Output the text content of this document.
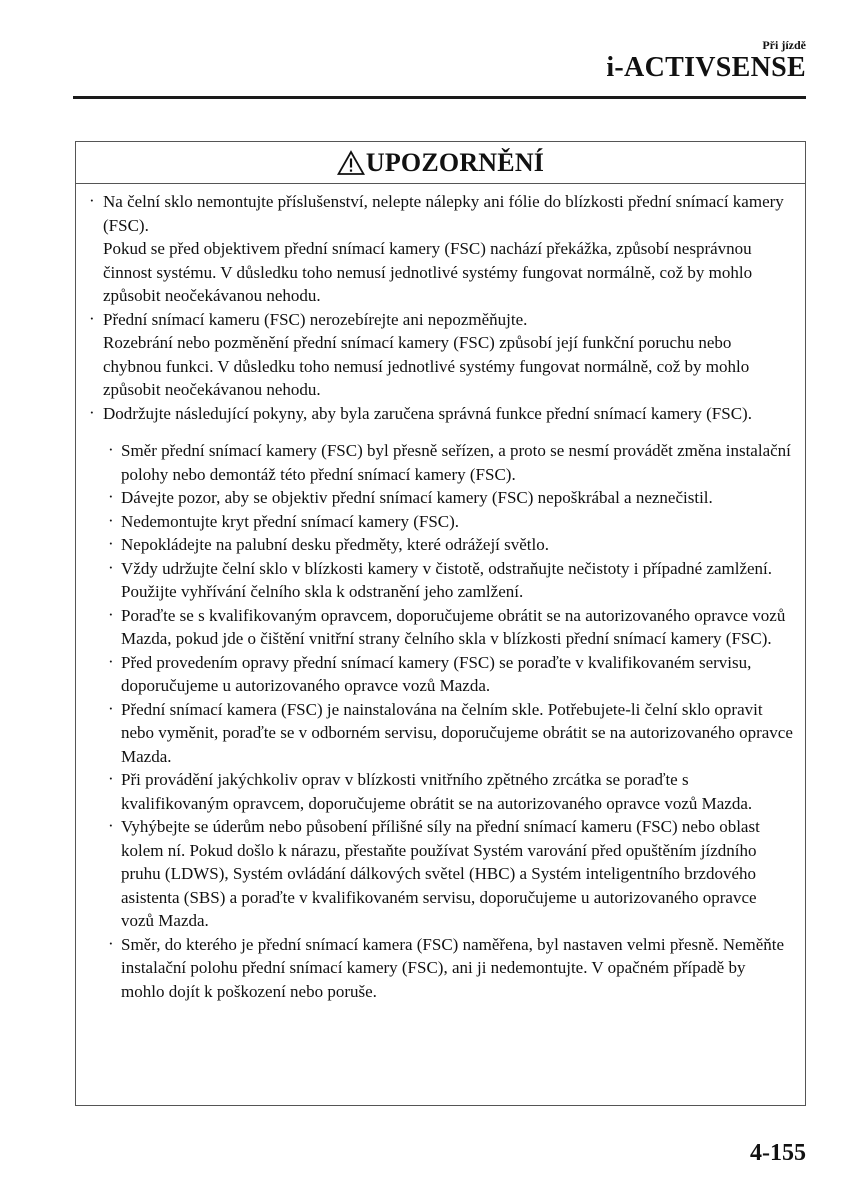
Při jízdě
i-ACTIVSENSE
UPOZORNĚNÍ
· Na čelní sklo nemontujte příslušenství, nelepte nálepky ani fólie do blízkosti přední snímací kamery (FSC).
Pokud se před objektivem přední snímací kamery (FSC) nachází překážka, způsobí nesprávnou činnost systému. V důsledku toho nemusí jednotlivé systémy fungovat normálně, což by mohlo způsobit neočekávanou nehodu.
· Přední snímací kameru (FSC) nerozebírejte ani nepozměňujte.
Rozebrání nebo pozměnění přední snímací kamery (FSC) způsobí její funkční poruchu nebo chybnou funkci. V důsledku toho nemusí jednotlivé systémy fungovat normálně, což by mohlo způsobit neočekávanou nehodu.
· Dodržujte následující pokyny, aby byla zaručena správná funkce přední snímací kamery (FSC).
· Směr přední snímací kamery (FSC) byl přesně seřízen, a proto se nesmí provádět změna instalační polohy nebo demontáž této přední snímací kamery (FSC).
· Dávejte pozor, aby se objektiv přední snímací kamery (FSC) nepoškrábal a neznečistil.
· Nedemontujte kryt přední snímací kamery (FSC).
· Nepokládejte na palubní desku předměty, které odrážejí světlo.
· Vždy udržujte čelní sklo v blízkosti kamery v čistotě, odstraňujte nečistoty i případné zamlžení. Použijte vyhřívání čelního skla k odstranění jeho zamlžení.
· Poraďte se s kvalifikovaným opravcem, doporučujeme obrátit se na autorizovaného opravce vozů Mazda, pokud jde o čištění vnitřní strany čelního skla v blízkosti přední snímací kamery (FSC).
· Před provedením opravy přední snímací kamery (FSC) se poraďte v kvalifikovaném servisu, doporučujeme u autorizovaného opravce vozů Mazda.
· Přední snímací kamera (FSC) je nainstalována na čelním skle. Potřebujete-li čelní sklo opravit nebo vyměnit, poraďte se v odborném servisu, doporučujeme obrátit se na autorizovaného opravce Mazda.
· Při provádění jakýchkoliv oprav v blízkosti vnitřního zpětného zrcátka se poraďte s kvalifikovaným opravcem, doporučujeme obrátit se na autorizovaného opravce vozů Mazda.
· Vyhýbejte se úderům nebo působení přílišné síly na přední snímací kameru (FSC) nebo oblast kolem ní. Pokud došlo k nárazu, přestaňte používat Systém varování před opuštěním jízdního pruhu (LDWS), Systém ovládání dálkových světel (HBC) a Systém inteligentního brzdového asistenta (SBS) a poraďte v kvalifikovaném servisu, doporučujeme u autorizovaného opravce vozů Mazda.
· Směr, do kterého je přední snímací kamera (FSC) naměřena, byl nastaven velmi přesně. Neměňte instalační polohu přední snímací kamery (FSC), ani ji nedemontujte. V opačném případě by mohlo dojít k poškození nebo poruše.
4-155
